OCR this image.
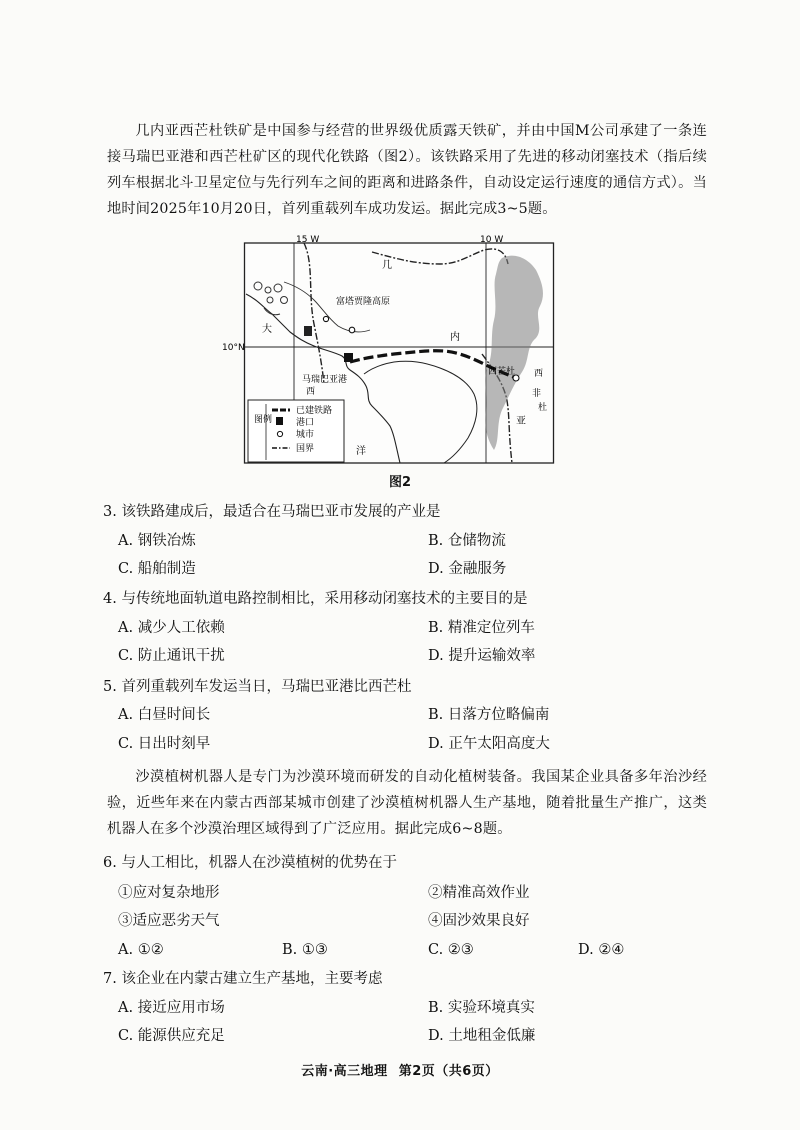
几内亚西芒杜铁矿是中国参与经营的世界级优质露天铁矿，并由中国M公司承建了一条连接马瑞巴亚港和西芒杜矿区的现代化铁路（图2）。该铁路采用了先进的移动闭塞技术（指后续列车根据北斗卫星定位与先行列车之间的距离和进路条件，自动设定运行速度的通信方式）。当地时间2025年10月20日，首列重载列车成功发运。据此完成3~5题。
15 W	10 W
10°N
富塔贾隆高原
几
内
大
马瑞巴亚港
西
洋
西芒杜 西
非
杜
亚
图例
已建铁路
港口
城市
国界
图2
3. 该铁路建成后，最适合在马瑞巴亚市发展的产业是
A. 钢铁冶炼	B. 仓储物流
C. 船舶制造	D. 金融服务
4. 与传统地面轨道电路控制相比，采用移动闭塞技术的主要目的是
A. 减少人工依赖	B. 精准定位列车
C. 防止通讯干扰	D. 提升运输效率
5. 首列重载列车发运当日，马瑞巴亚港比西芒杜
A. 白昼时间长	B. 日落方位略偏南
C. 日出时刻早	D. 正午太阳高度大
沙漠植树机器人是专门为沙漠环境而研发的自动化植树装备。我国某企业具备多年治沙经验，近些年来在内蒙古西部某城市创建了沙漠植树机器人生产基地，随着批量生产推广，这类机器人在多个沙漠治理区域得到了广泛应用。据此完成6~8题。
6. 与人工相比，机器人在沙漠植树的优势在于
①应对复杂地形	②精准高效作业
③适应恶劣天气	④固沙效果良好
A. ①②	B. ①③	C. ②③	D. ②④
7. 该企业在内蒙古建立生产基地，主要考虑
A. 接近应用市场	B. 实验环境真实
C. 能源供应充足	D. 土地租金低廉
云南·高三地理 第2页（共6页）
